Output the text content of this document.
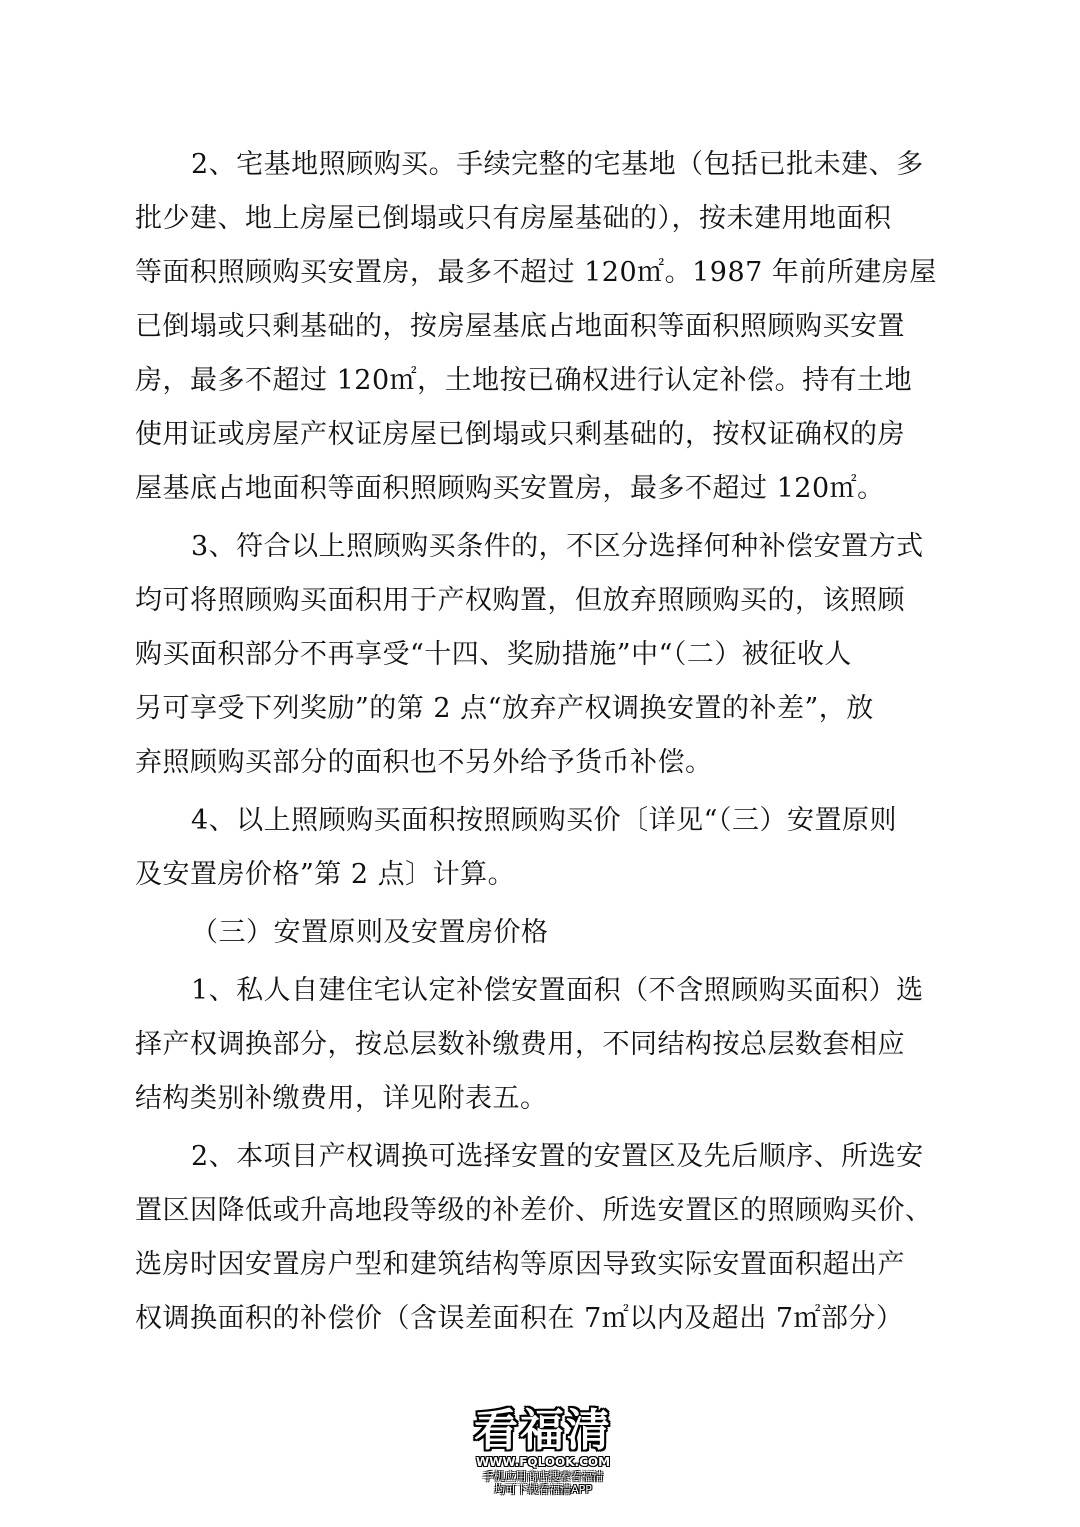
2、宅基地照顾购买。手续完整的宅基地（包括已批未建、多
批少建、地上房屋已倒塌或只有房屋基础的），按未建用地面积
等面积照顾购买安置房，最多不超过 120㎡。1987 年前所建房屋
已倒塌或只剩基础的，按房屋基底占地面积等面积照顾购买安置
房，最多不超过 120㎡，土地按已确权进行认定补偿。持有土地
使用证或房屋产权证房屋已倒塌或只剩基础的，按权证确权的房
屋基底占地面积等面积照顾购买安置房，最多不超过 120㎡。
3、符合以上照顾购买条件的，不区分选择何种补偿安置方式
均可将照顾购买面积用于产权购置，但放弃照顾购买的，该照顾
购买面积部分不再享受“十四、奖励措施”中“（二）被征收人
另可享受下列奖励”的第 2 点“放弃产权调换安置的补差”，放
弃照顾购买部分的面积也不另外给予货币补偿。
4、以上照顾购买面积按照顾购买价〔详见“（三）安置原则
及安置房价格”第 2 点〕计算。
（三）安置原则及安置房价格
1、私人自建住宅认定补偿安置面积（不含照顾购买面积）选
择产权调换部分，按总层数补缴费用，不同结构按总层数套相应
结构类别补缴费用，详见附表五。
2、本项目产权调换可选择安置的安置区及先后顺序、所选安
置区因降低或升高地段等级的补差价、所选安置区的照顾购买价、
选房时因安置房户型和建筑结构等原因导致实际安置面积超出产
权调换面积的补偿价（含误差面积在 7㎡以内及超出 7㎡部分）
看福清
WWW.FQLOOK.COM
手机应用商店搜索看福清
均可下载看福清APP
